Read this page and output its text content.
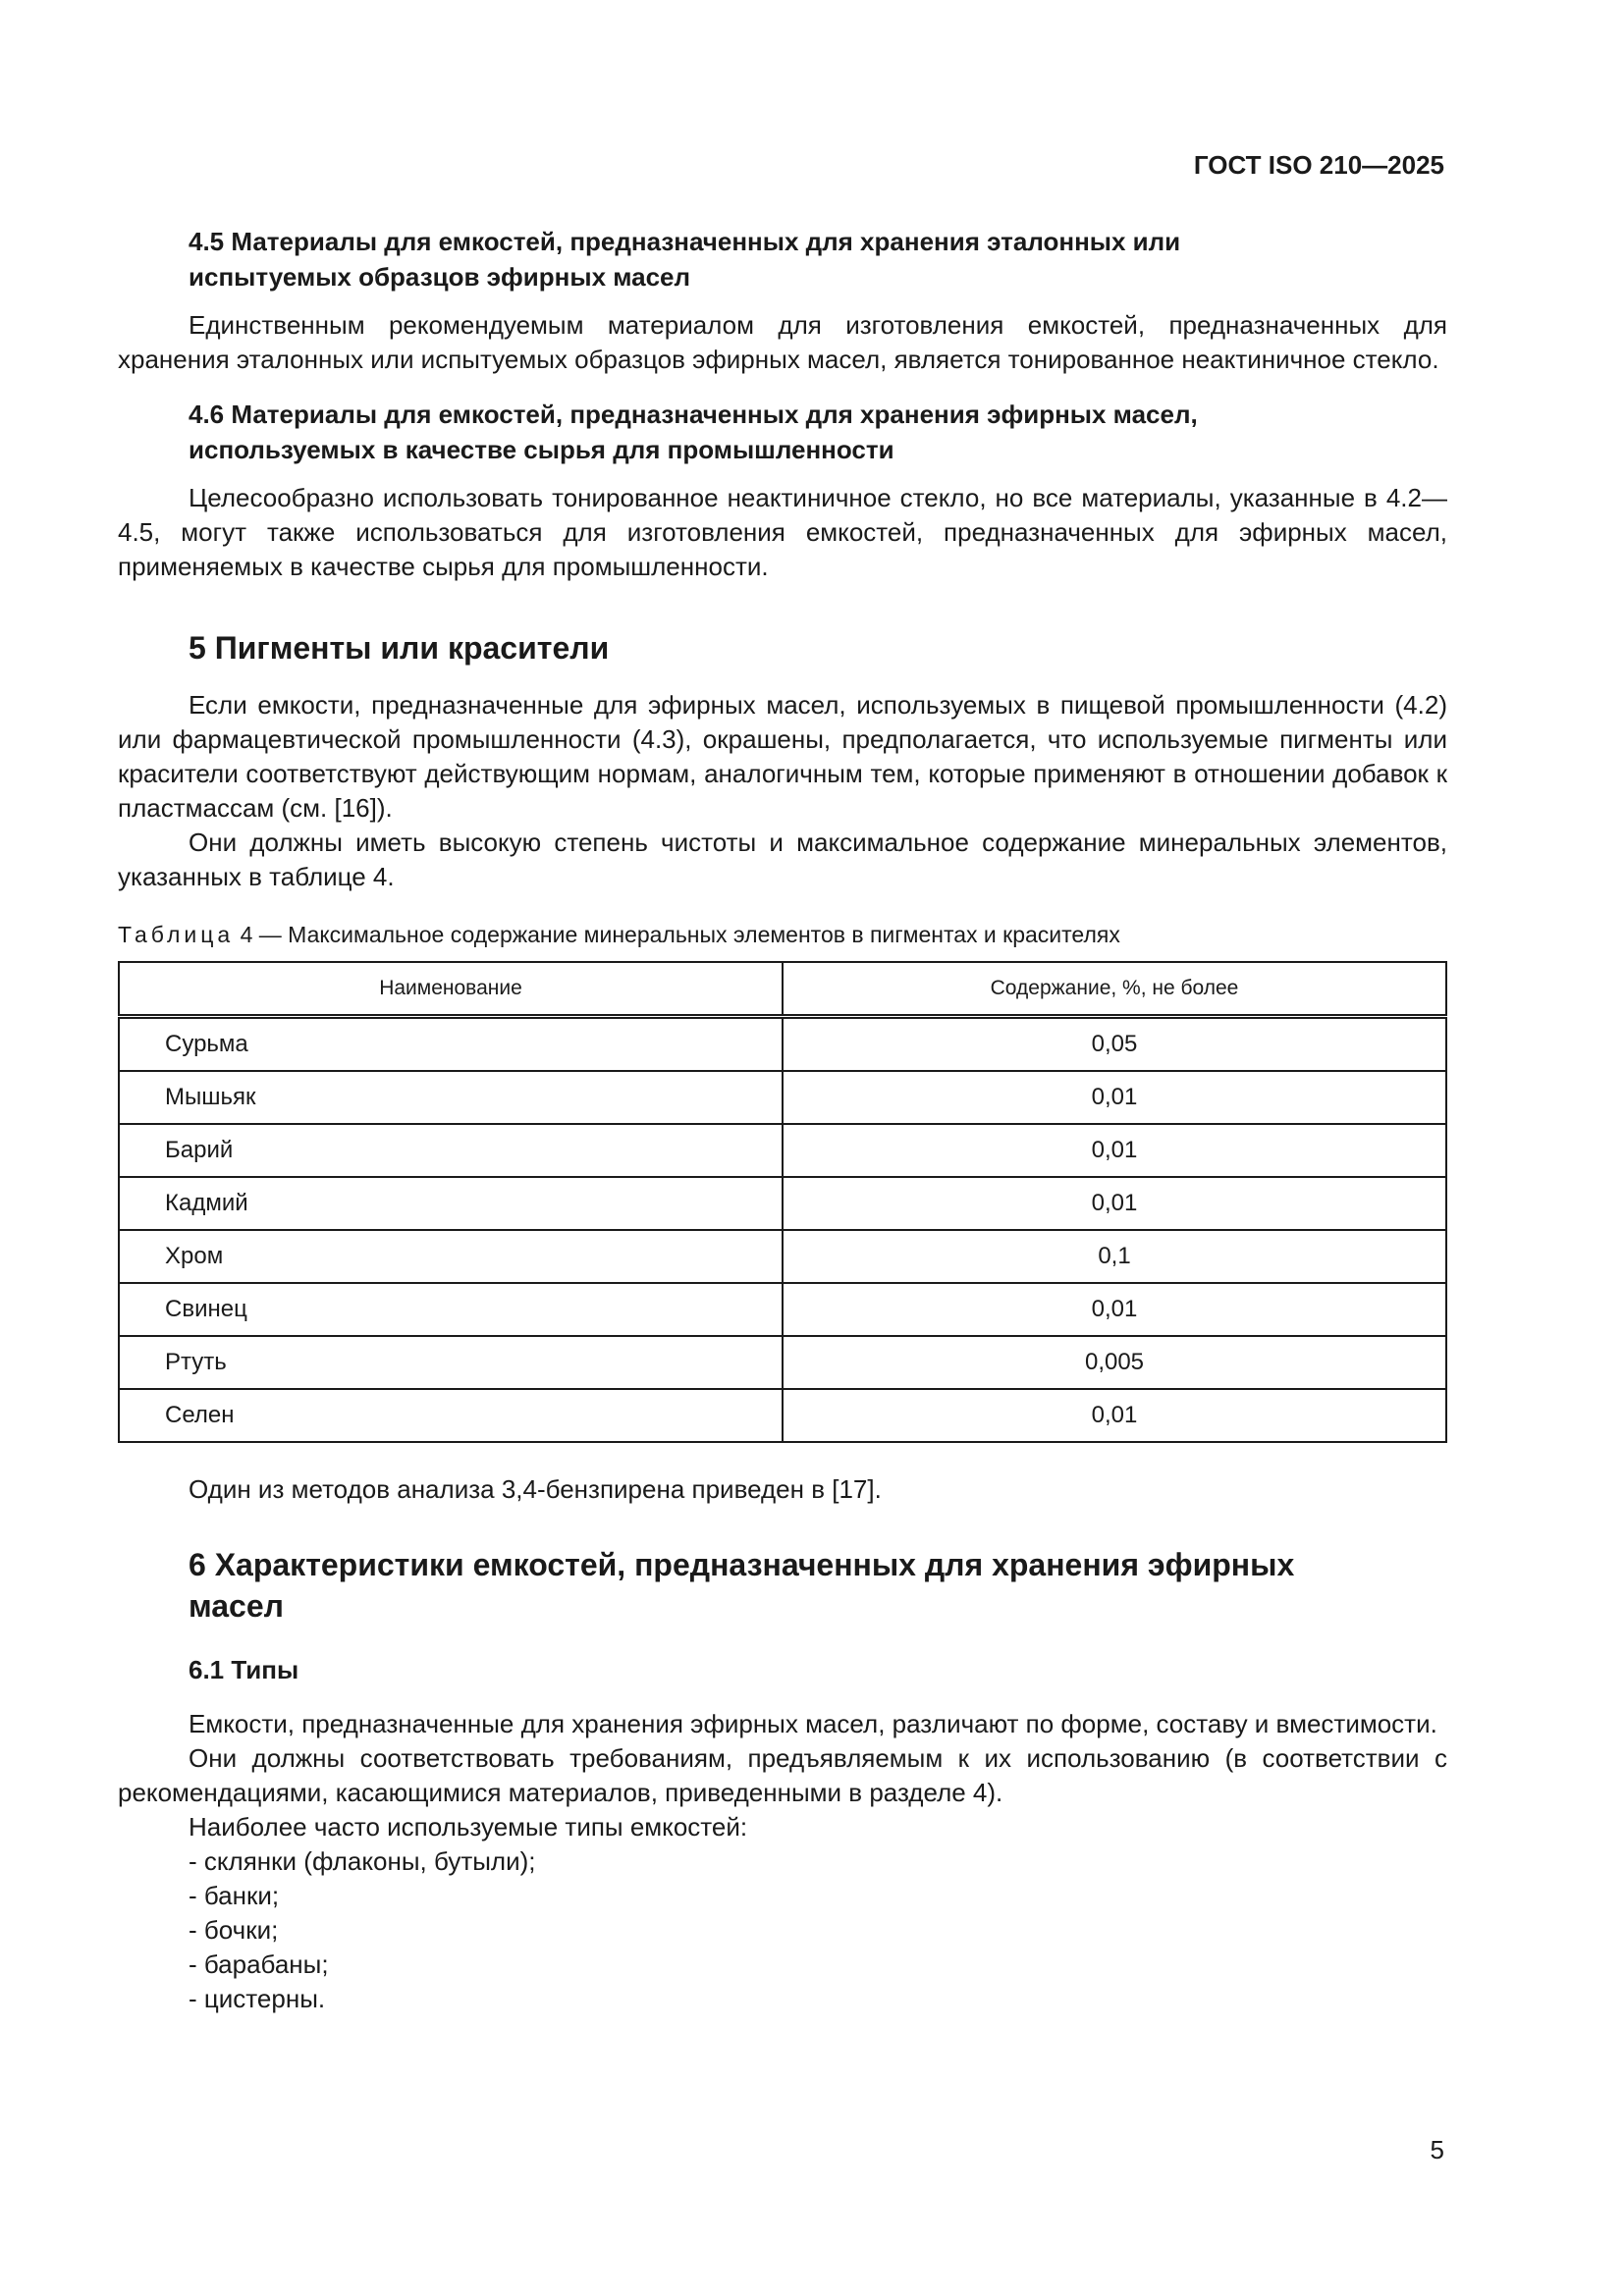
ГОСТ ISO 210—2025

4.5 Материалы для емкостей, предназначенных для хранения эталонных или

испытуемых образцов эфирных масел

Единственным рекомендуемым материалом для изготовления емкостей, предназначенных для хранения эталонных или испытуемых образцов эфирных масел, является тонированное неактиничное стекло.

4.6 Материалы для емкостей, предназначенных для хранения эфирных масел,

используемых в качестве сырья для промышленности

Целесообразно использовать тонированное неактиничное стекло, но все материалы, указанные в 4.2—4.5, могут также использоваться для изготовления емкостей, предназначенных для эфирных масел, применяемых в качестве сырья для промышленности.

5 Пигменты или красители

Если емкости, предназначенные для эфирных масел, используемых в пищевой промышленности (4.2) или фармацевтической промышленности (4.3), окрашены, предполагается, что используемые пигменты или красители соответствуют действующим нормам, аналогичным тем, которые применяют в отношении добавок к пластмассам (см. [16]).

Они должны иметь высокую степень чистоты и максимальное содержание минеральных элементов, указанных в таблице 4.

Таблица 4 — Максимальное содержание минеральных элементов в пигментах и красителях

Наименование	Содержание, %, не более
Сурьма	0,05
Мышьяк	0,01
Барий	0,01
Кадмий	0,01
Хром	0,1
Свинец	0,01
Ртуть	0,005
Селен	0,01

Один из методов анализа 3,4-бензпирена приведен в [17].

6 Характеристики емкостей, предназначенных для хранения эфирных
масел

6.1 Типы

Емкости, предназначенные для хранения эфирных масел, различают по форме, составу и вместимости.

Они должны соответствовать требованиям, предъявляемым к их использованию (в соответствии с рекомендациями, касающимися материалов, приведенными в разделе 4).

Наиболее часто используемые типы емкостей:

- склянки (флаконы, бутыли);

- банки;

- бочки;

- барабаны;

- цистерны.

5
